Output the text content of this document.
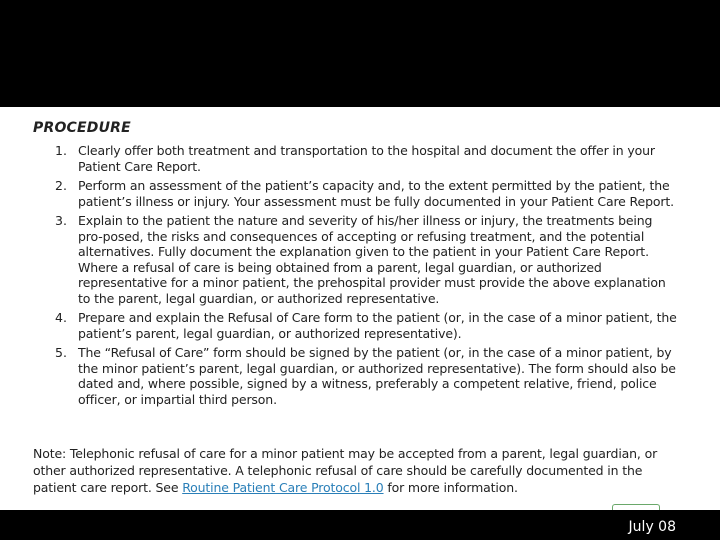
PROCEDURE
1. Clearly offer both treatment and transportation to the hospital and document the offer in your Patient Care Report.

2. Perform an assessment of the patient’s capacity and, to the extent permitted by the patient, the patient’s illness or injury. Your assessment must be fully documented in your Patient Care Report.

3. Explain to the patient the nature and severity of his/her illness or injury, the treatments being pro-posed, the risks and consequences of accepting or refusing treatment, and the potential alternatives. Fully document the explanation given to the patient in your Patient Care Report. Where a refusal of care is being obtained from a parent, legal guardian, or authorized representative for a minor patient, the prehospital provider must provide the above explanation to the parent, legal guardian, or authorized representative.

4. Prepare and explain the Refusal of Care form to the patient (or, in the case of a minor patient, the patient’s parent, legal guardian, or authorized representative).

5. The “Refusal of Care” form should be signed by the patient (or, in the case of a minor patient, by the minor patient’s parent, legal guardian, or authorized representative). The form should also be dated and, where possible, signed by a witness, preferably a competent relative, friend, police officer, or impartial third person.

Note: Telephonic refusal of care for a minor patient may be accepted from a parent, legal guardian, or other authorized representative. A telephonic refusal of care should be carefully documented in the patient care report. See Routine Patient Care Protocol 1.0 for more information.

July 08
